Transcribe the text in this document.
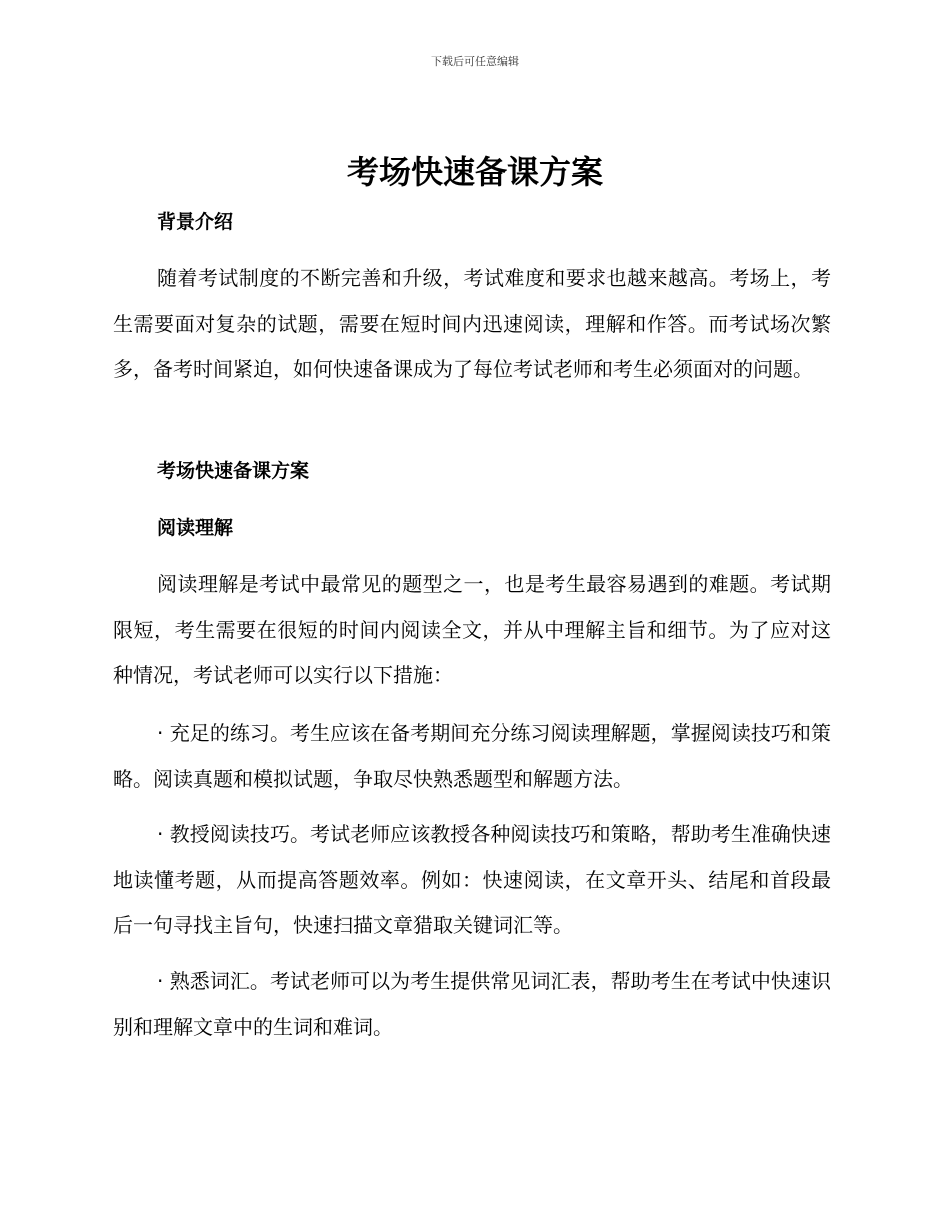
下载后可任意编辑
考场快速备课方案
背景介绍

随着考试制度的不断完善和升级，考试难度和要求也越来越高。考场上，考生需要面对复杂的试题，需要在短时间内迅速阅读，理解和作答。而考试场次繁多，备考时间紧迫，如何快速备课成为了每位考试老师和考生必须面对的问题。

考场快速备课方案
阅读理解

阅读理解是考试中最常见的题型之一，也是考生最容易遇到的难题。考试期限短，考生需要在很短的时间内阅读全文，并从中理解主旨和细节。为了应对这种情况，考试老师可以实行以下措施：

· 充足的练习。考生应该在备考期间充分练习阅读理解题，掌握阅读技巧和策略。阅读真题和模拟试题，争取尽快熟悉题型和解题方法。

· 教授阅读技巧。考试老师应该教授各种阅读技巧和策略，帮助考生准确快速地读懂考题，从而提高答题效率。例如：快速阅读，在文章开头、结尾和首段最后一句寻找主旨句，快速扫描文章猎取关键词汇等。

· 熟悉词汇。考试老师可以为考生提供常见词汇表，帮助考生在考试中快速识别和理解文章中的生词和难词。
